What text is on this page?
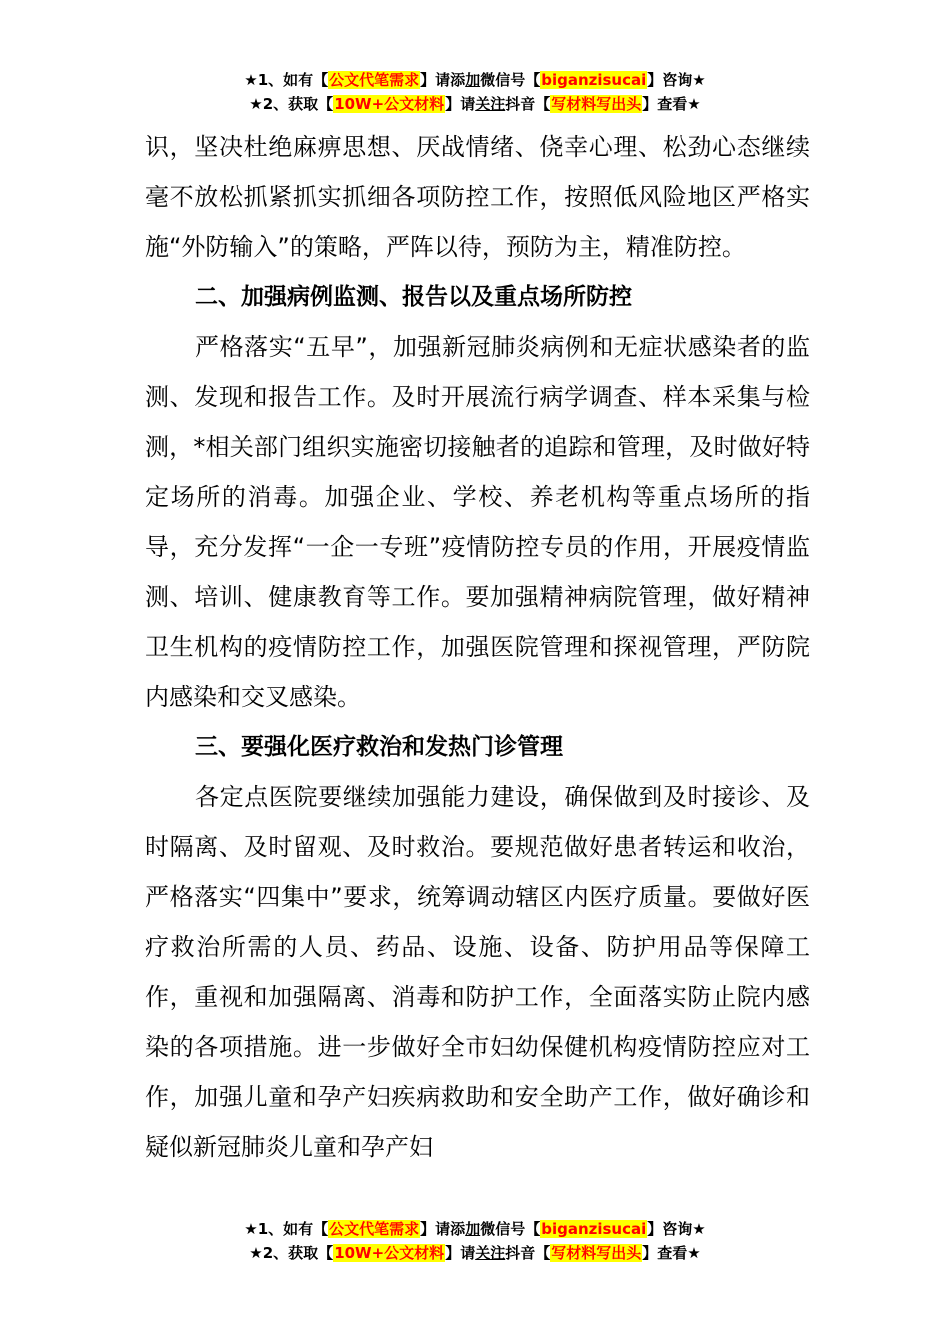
★1、如有【公文代笔需求】请添加微信号【biganzisucai】咨询★
★2、获取【10W+公文材料】请关注抖音【写材料写出头】查看★

识，坚决杜绝麻痹思想、厌战情绪、侥幸心理、松劲心态继续毫不放松抓紧抓实抓细各项防控工作，按照低风险地区严格实施“外防输入”的策略，严阵以待，预防为主，精准防控。

二、加强病例监测、报告以及重点场所防控

严格落实“五早”，加强新冠肺炎病例和无症状感染者的监测、发现和报告工作。及时开展流行病学调查、样本采集与检测，*相关部门组织实施密切接触者的追踪和管理，及时做好特定场所的消毒。加强企业、学校、养老机构等重点场所的指导，充分发挥“一企一专班”疫情防控专员的作用，开展疫情监测、培训、健康教育等工作。要加强精神病院管理，做好精神卫生机构的疫情防控工作，加强医院管理和探视管理，严防院内感染和交叉感染。

三、要强化医疗救治和发热门诊管理

各定点医院要继续加强能力建设，确保做到及时接诊、及时隔离、及时留观、及时救治。要规范做好患者转运和收治，严格落实“四集中”要求，统筹调动辖区内医疗质量。要做好医疗救治所需的人员、药品、设施、设备、防护用品等保障工作，重视和加强隔离、消毒和防护工作，全面落实防止院内感染的各项措施。进一步做好全市妇幼保健机构疫情防控应对工作，加强儿童和孕产妇疾病救助和安全助产工作，做好确诊和疑似新冠肺炎儿童和孕产妇

★1、如有【公文代笔需求】请添加微信号【biganzisucai】咨询★
★2、获取【10W+公文材料】请关注抖音【写材料写出头】查看★
